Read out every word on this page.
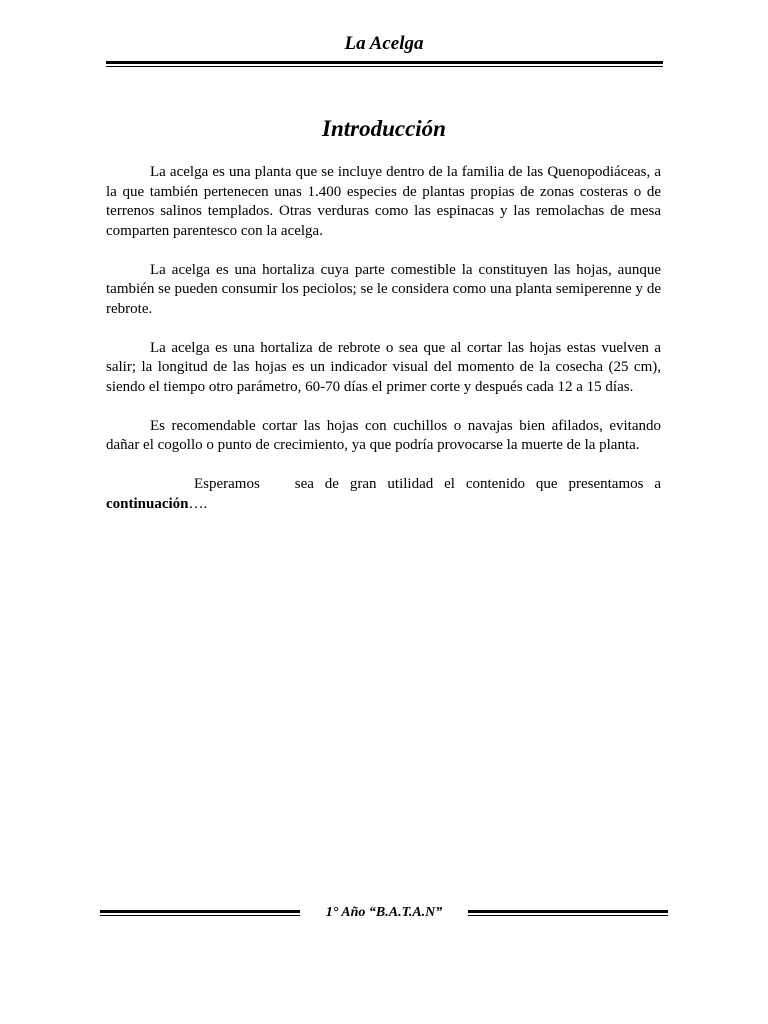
La Acelga
Introducción

La acelga es una planta que se incluye dentro de la familia de las Quenopodiáceas, a la que también pertenecen unas 1.400 especies de plantas propias de zonas costeras o de terrenos salinos templados. Otras verduras como las espinacas y las remolachas de mesa comparten parentesco con la acelga.

La acelga es una hortaliza cuya parte comestible la constituyen las hojas, aunque también se pueden consumir los peciolos; se le considera como una planta semiperenne y de rebrote.

La acelga es una hortaliza de rebrote o sea que al cortar las hojas estas vuelven a salir; la longitud de las hojas es un indicador visual del momento de la cosecha (25 cm), siendo el tiempo otro parámetro, 60-70 días el primer corte y después cada 12 a 15 días.

Es recomendable cortar las hojas con cuchillos o navajas bien afilados, evitando dañar el cogollo o punto de crecimiento, ya que podría provocarse la muerte de la planta.

Esperamos sea de gran utilidad el contenido que presentamos a continuación….

1° Año “B.A.T.A.N”
